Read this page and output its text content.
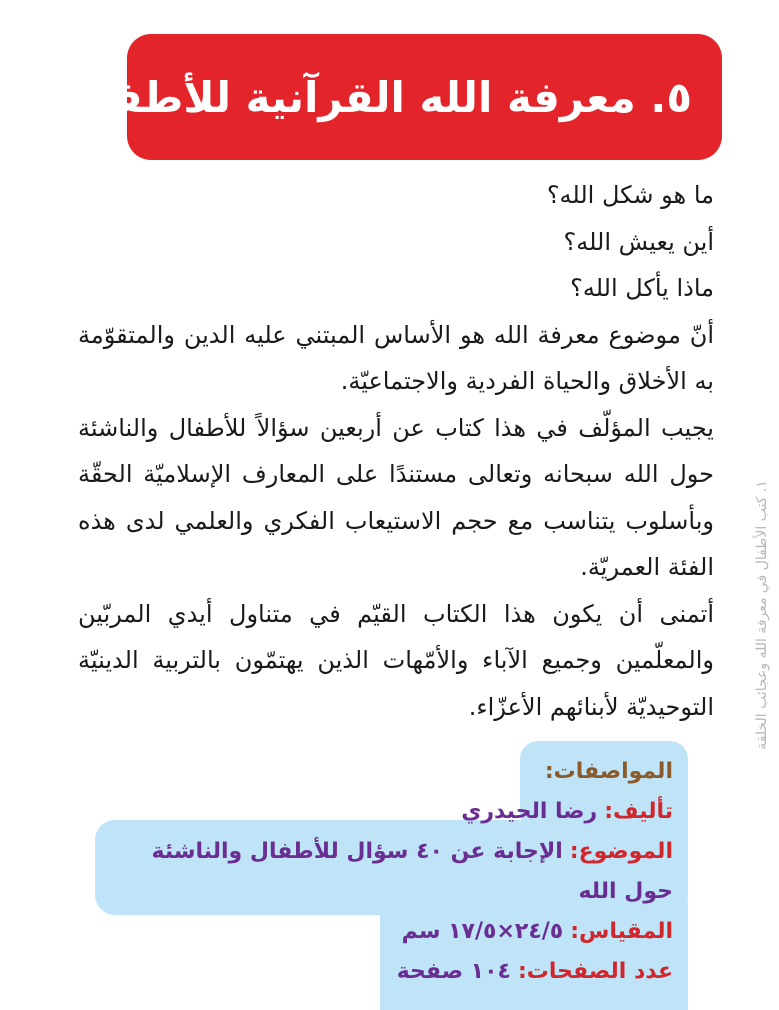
٥. معرفة الله القرآنية للأطفال

ما هو شكل الله؟

أين يعيش الله؟

ماذا يأكل الله؟

أنّ موضوع معرفة الله هو الأساس المبتني عليه الدين والمتقوّمة به الأخلاق والحياة الفردية والاجتماعيّة.

يجيب المؤلّف في هذا كتاب عن أربعين سؤالاً للأطفال والناشئة حول الله سبحانه وتعالى مستندًا على المعارف الإسلاميّة الحقّة وبأسلوب يتناسب مع حجم الاستيعاب الفكري والعلمي لدى هذه الفئة العمريّة.

أتمنى أن يكون هذا الكتاب القيّم في متناول أيدي المربّين والمعلّمين وجميع الآباء والأمّهات الذين يهتمّون بالتربية الدينيّة التوحيديّة لأبنائهم الأعزّاء.	١. كتب الأطفال في معرفة الله وعجائب الخلقة
المواصفات:
تأليف: رضا الحيدري
الموضوع: الإجابة عن ٤٠ سؤال للأطفال والناشئة حول الله
المقياس: ٢٤/٥×١٧/٥ سم
عدد الصفحات: ١٠٤ صفحة
